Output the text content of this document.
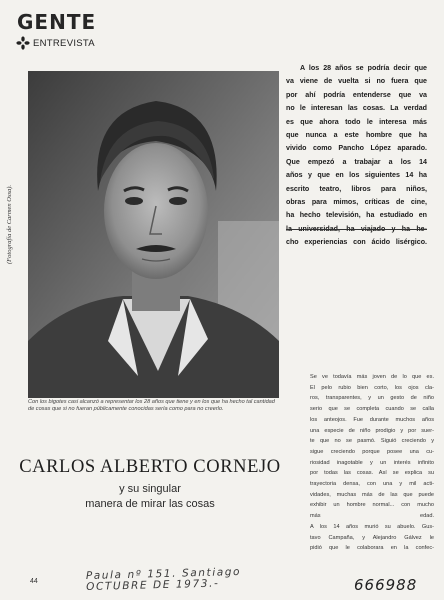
GENTE
ENTREVISTA
(Fotografía de Carmen Ossa).
Con los bigotes casi alcanzó a representar los 28 años que tiene y en los que ha hecho tal cantidad de cosas que si no fueran públicamente conocidas sería como para no creerlo.
CARLOS ALBERTO CORNEJO
y su singular
manera de mirar las cosas
A los 28 años se podría decir que
va viene de vuelta si no fuera que
por ahí podría entenderse que va
no le interesan las cosas. La verdad
es que ahora todo le interesa más
que nunca a este hombre que ha
vivido como Pancho López aparado.
Que empezó a trabajar a los 14
años y que en los siguientes 14 ha
escrito teatro, libros para niños,
obras para mimos, críticas de cine,
ha hecho televisión, ha estudiado en
cho experiencias con ácido lisérgico.
Se ve todavía más joven de lo que es.
El pelo rubio bien corto, los ojos cla-
ros, transparentes, y un gesto de niño
serio que se completa cuando se calla
los anteojos. Fue durante muchos años
una especie de niño prodigio y por suer-
te que no se pasmó. Siguió creciendo y
sigue creciendo porque posee una cu-
riosidad inagotable y un interés infinito
por todas las cosas. Así se explica su
trayectoria densa, con una y mil acti-
vidades, muchas más de las que puede
exhibir un hombre normal... con mucho
más edad.
A los 14 años murió su abuelo. Gus-
tavo Campaña, y Alejandro Gálvez le
pidió que le colaborara en la confec-
44	Paula nº 151. Santiago
OCTUBRE DE 1973.-	666988
